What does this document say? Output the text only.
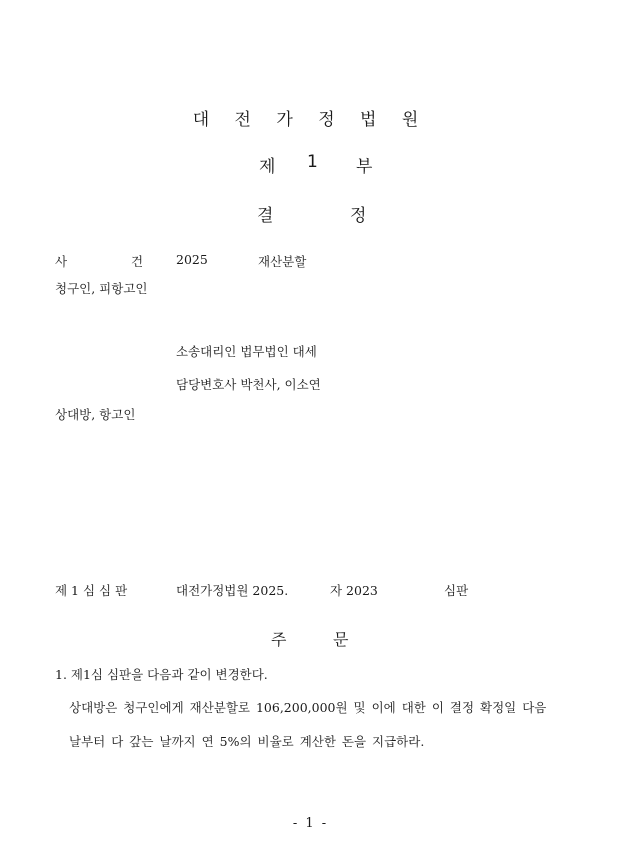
대 전 가 정 법 원
제 1 부
결	정
사	건	2025	재산분할
청구인, 피항고인
소송대리인 법무법인 대세
담당변호사 박천사, 이소연
상대방, 항고인
제 1 심 심 판	대전가정법원 2025.	자 2023	심판
주	문
1. 제1심 심판을 다음과 같이 변경한다.
상대방은 청구인에게 재산분할로 106,200,000원 및 이에 대한 이 결정 확정일 다음
날부터 다 갚는 날까지 연 5%의 비율로 계산한 돈을 지급하라.
- 1 -
